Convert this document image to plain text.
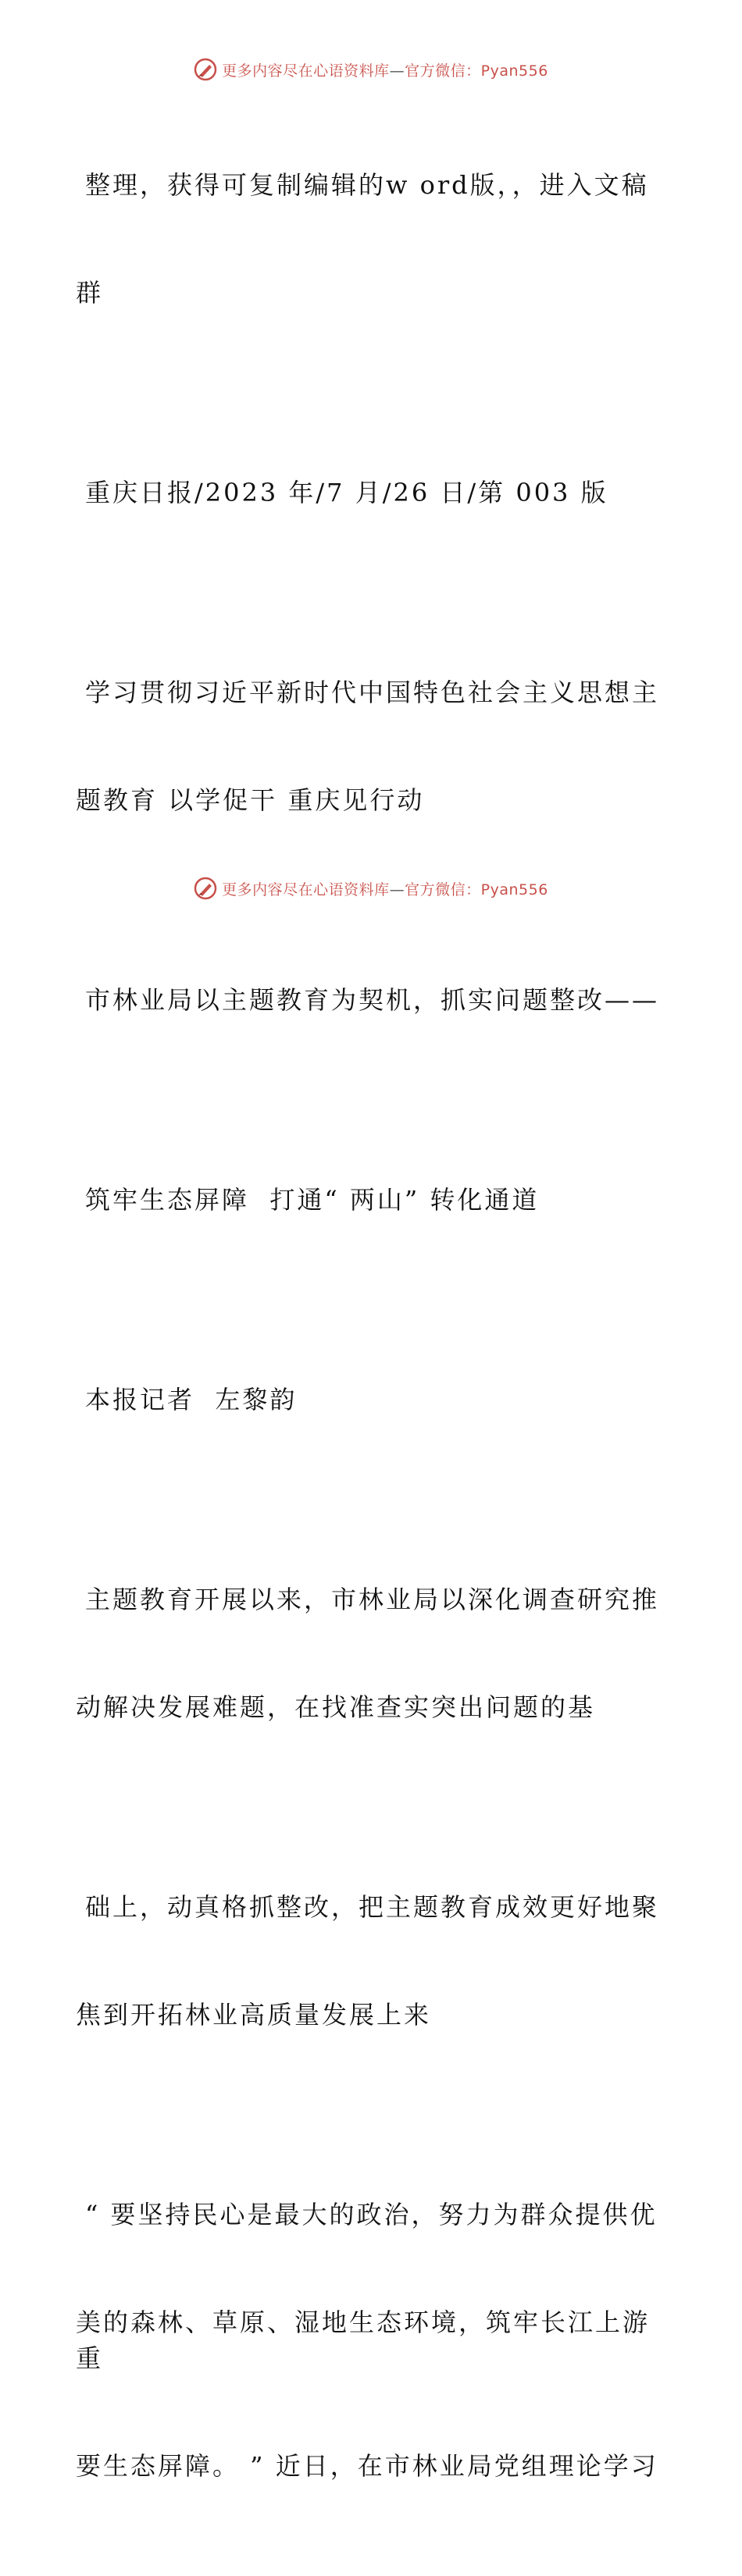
更多内容尽在心语资料库—官方微信：Pyan556

整理，获得可复制编辑的w ord版，，进入文稿

群

重庆日报/2023 年/7 月/26 日/第 003 版

学习贯彻习近平新时代中国特色社会主义思想主

题教育 以学促干 重庆见行动

市林业局以主题教育为契机，抓实问题整改——

筑牢生态屏障  打通“ 两山” 转化通道

本报记者  左黎韵

主题教育开展以来，市林业局以深化调查研究推

动解决发展难题，在找准查实突出问题的基

础上，动真格抓整改，把主题教育成效更好地聚

焦到开拓林业高质量发展上来

“ 要坚持民心是最大的政治，努力为群众提供优

美的森林、草原、湿地生态环境，筑牢长江上游重

要生态屏障。 ” 近日，在市林业局党组理论学习

更多内容尽在心语资料库—官方微信：Pyan556
